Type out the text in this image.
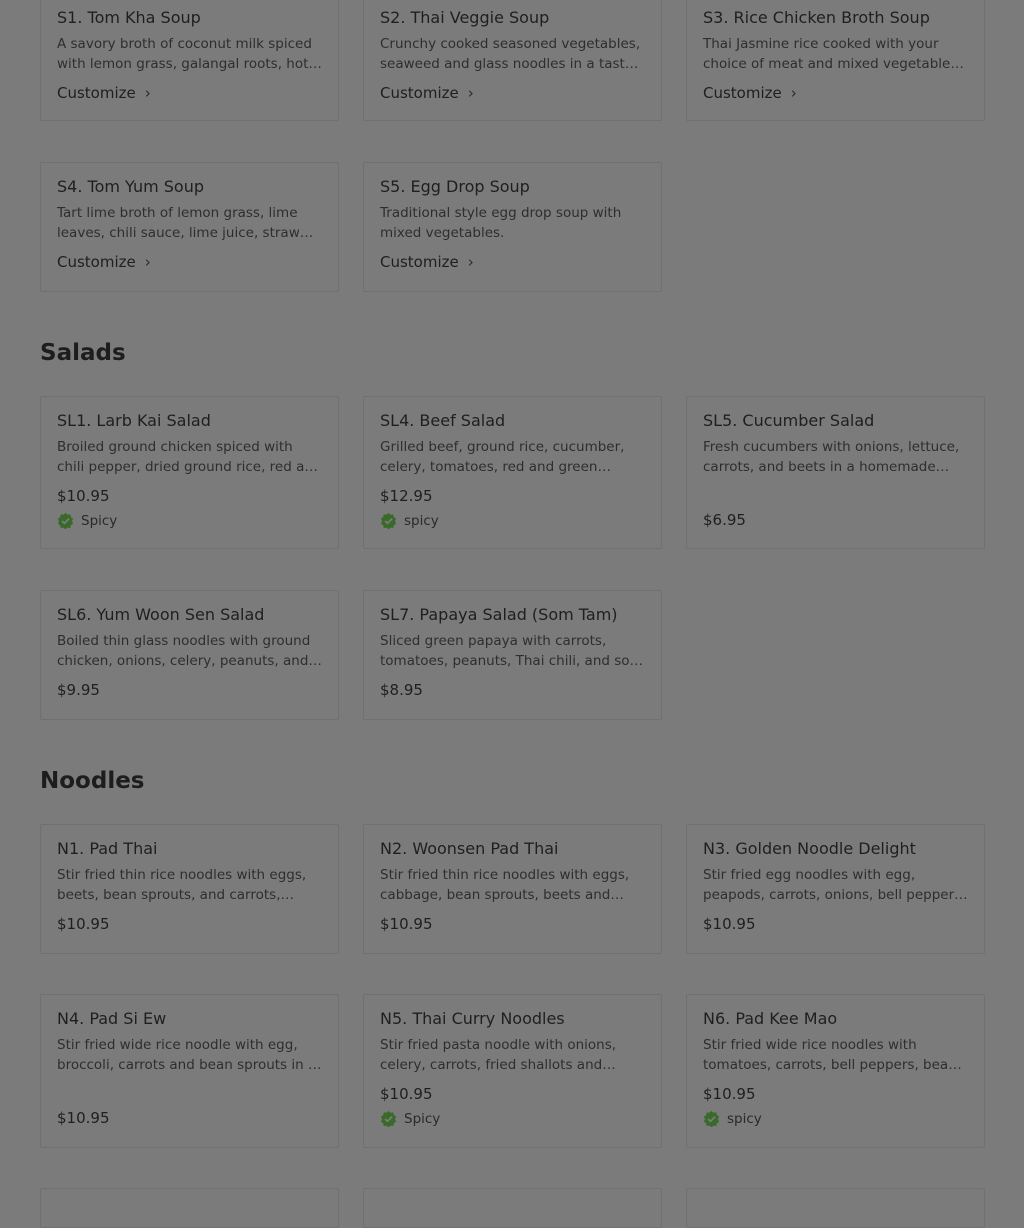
S1. Tom Kha Soup
A savory broth of coconut milk spiced with lemon grass, galangal roots, hot
Customize ›
S2. Thai Veggie Soup
Crunchy cooked seasoned vegetables, seaweed and glass noodles in a tasty
Customize ›
S3. Rice Chicken Broth Soup
Thai Jasmine rice cooked with your choice of meat and mixed vegetables
Customize ›
S4. Tom Yum Soup
Tart lime broth of lemon grass, lime leaves, chili sauce, lime juice, straw
Customize ›
S5. Egg Drop Soup
Traditional style egg drop soup with mixed vegetables.
Customize ›
Salads
SL1. Larb Kai Salad
Broiled ground chicken spiced with chili pepper, dried ground rice, red and
$10.95
Spicy
SL4. Beef Salad
Grilled beef, ground rice, cucumber, celery, tomatoes, red and green
$12.95
spicy
SL5. Cucumber Salad
Fresh cucumbers with onions, lettuce, carrots, and beets in a homemade
$6.95
SL6. Yum Woon Sen Salad
Boiled thin glass noodles with ground chicken, onions, celery, peanuts, and
$9.95
SL7. Papaya Salad (Som Tam)
Sliced green papaya with carrots, tomatoes, peanuts, Thai chili, and sour
$8.95
Noodles
N1. Pad Thai
Stir fried thin rice noodles with eggs, beets, bean sprouts, and carrots,
$10.95
N2. Woonsen Pad Thai
Stir fried thin rice noodles with eggs, cabbage, bean sprouts, beets and
$10.95
N3. Golden Noodle Delight
Stir fried egg noodles with egg, peapods, carrots, onions, bell peppers
$10.95
N4. Pad Si Ew
Stir fried wide rice noodle with egg, broccoli, carrots and bean sprouts in a
$10.95
N5. Thai Curry Noodles
Stir fried pasta noodle with onions, celery, carrots, fried shallots and
$10.95
Spicy
N6. Pad Kee Mao
Stir fried wide rice noodles with tomatoes, carrots, bell peppers, bean
$10.95
spicy
